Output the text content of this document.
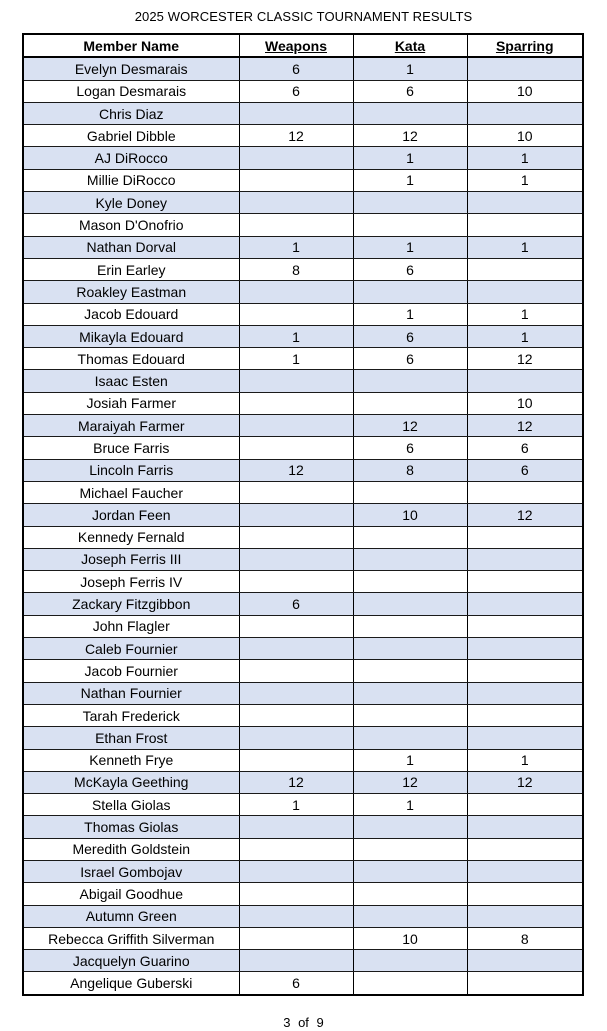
2025 WORCESTER CLASSIC TOURNAMENT RESULTS
Member Name	Weapons	Kata	Sparring
Evelyn Desmarais	6	1	
Logan Desmarais	6	6	10
Chris Diaz			
Gabriel Dibble	12	12	10
AJ DiRocco		1	1
Millie DiRocco		1	1
Kyle Doney			
Mason D'Onofrio			
Nathan Dorval	1	1	1
Erin Earley	8	6	
Roakley Eastman			
Jacob Edouard		1	1
Mikayla Edouard	1	6	1
Thomas Edouard	1	6	12
Isaac Esten			
Josiah Farmer			10
Maraiyah Farmer		12	12
Bruce Farris		6	6
Lincoln Farris	12	8	6
Michael Faucher			
Jordan Feen		10	12
Kennedy Fernald			
Joseph Ferris III			
Joseph Ferris IV			
Zackary Fitzgibbon	6		
John Flagler			
Caleb Fournier			
Jacob Fournier			
Nathan Fournier			
Tarah Frederick			
Ethan Frost			
Kenneth Frye		1	1
McKayla Geething	12	12	12
Stella Giolas	1	1	
Thomas Giolas			
Meredith Goldstein			
Israel Gombojav			
Abigail Goodhue			
Autumn Green			
Rebecca Griffith Silverman		10	8
Jacquelyn Guarino			
Angelique Guberski	6		
3 of 9
